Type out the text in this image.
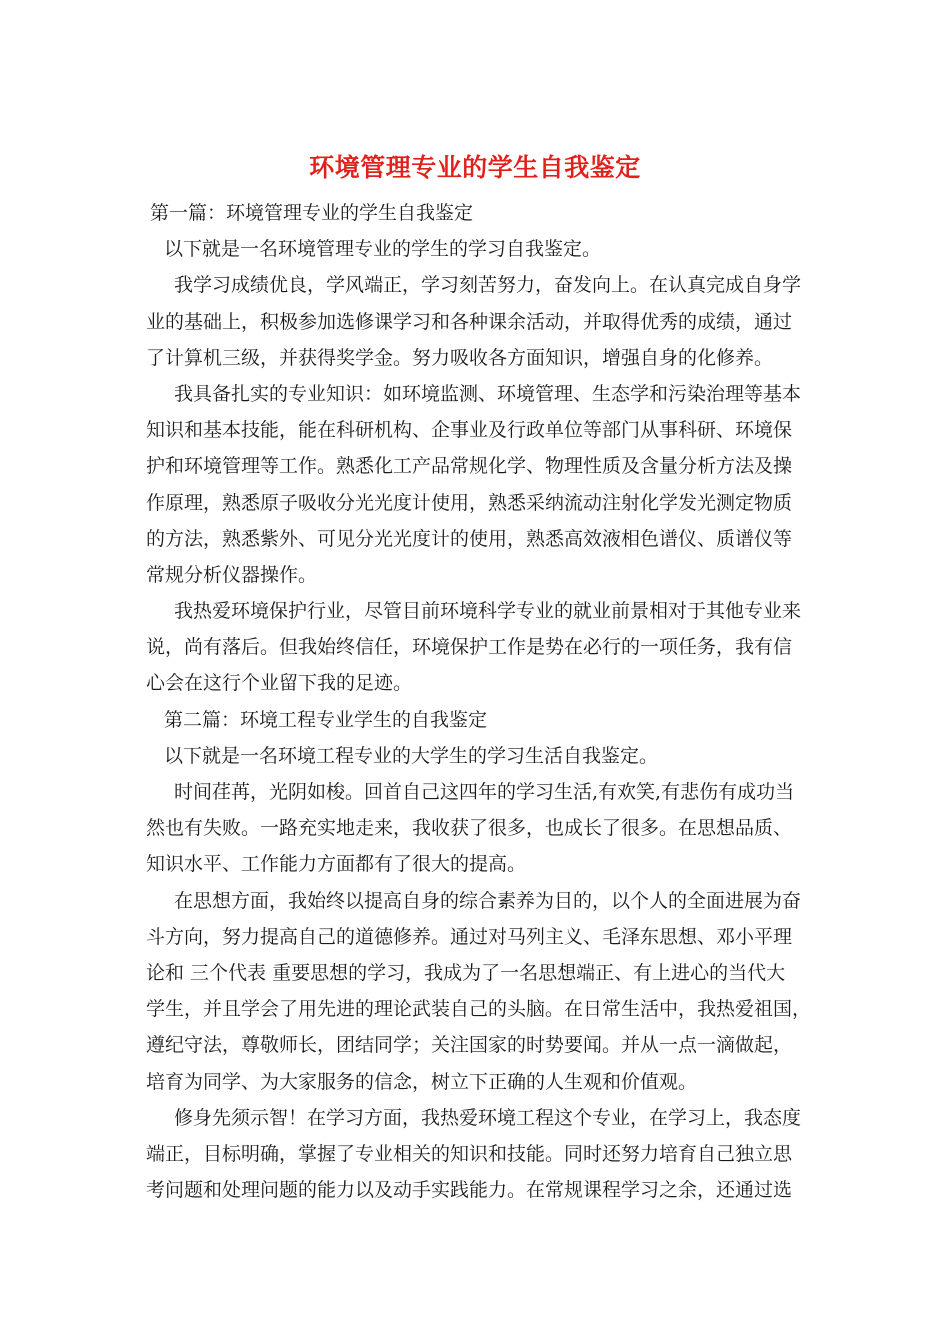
环境管理专业的学生自我鉴定
第一篇：环境管理专业的学生自我鉴定
以下就是一名环境管理专业的学生的学习自我鉴定。
我学习成绩优良，学风端正，学习刻苦努力，奋发向上。在认真完成自身学
业的基础上，积极参加选修课学习和各种课余活动，并取得优秀的成绩，通过
了计算机三级，并获得奖学金。努力吸收各方面知识，增强自身的化修养。
我具备扎实的专业知识：如环境监测、环境管理、生态学和污染治理等基本
知识和基本技能，能在科研机构、企事业及行政单位等部门从事科研、环境保
护和环境管理等工作。熟悉化工产品常规化学、物理性质及含量分析方法及操
作原理，熟悉原子吸收分光光度计使用，熟悉采纳流动注射化学发光测定物质
的方法，熟悉紫外、可见分光光度计的使用，熟悉高效液相色谱仪、质谱仪等
常规分析仪器操作。
我热爱环境保护行业，尽管目前环境科学专业的就业前景相对于其他专业来
说，尚有落后。但我始终信任，环境保护工作是势在必行的一项任务，我有信
心会在这行个业留下我的足迹。
第二篇：环境工程专业学生的自我鉴定
以下就是一名环境工程专业的大学生的学习生活自我鉴定。
时间荏苒，光阴如梭。回首自己这四年的学习生活,有欢笑,有悲伤有成功当
然也有失败。一路充实地走来，我收获了很多，也成长了很多。在思想品质、
知识水平、工作能力方面都有了很大的提高。
在思想方面，我始终以提高自身的综合素养为目的，以个人的全面进展为奋
斗方向，努力提高自己的道德修养。通过对马列主义、毛泽东思想、邓小平理
论和 三个代表 重要思想的学习，我成为了一名思想端正、有上进心的当代大
学生，并且学会了用先进的理论武装自己的头脑。在日常生活中，我热爱祖国，
遵纪守法，尊敬师长，团结同学；关注国家的时势要闻。并从一点一滴做起，
培育为同学、为大家服务的信念，树立下正确的人生观和价值观。
修身先须示智！在学习方面，我热爱环境工程这个专业，在学习上，我态度
端正，目标明确，掌握了专业相关的知识和技能。同时还努力培育自己独立思
考问题和处理问题的能力以及动手实践能力。在常规课程学习之余，还通过选
